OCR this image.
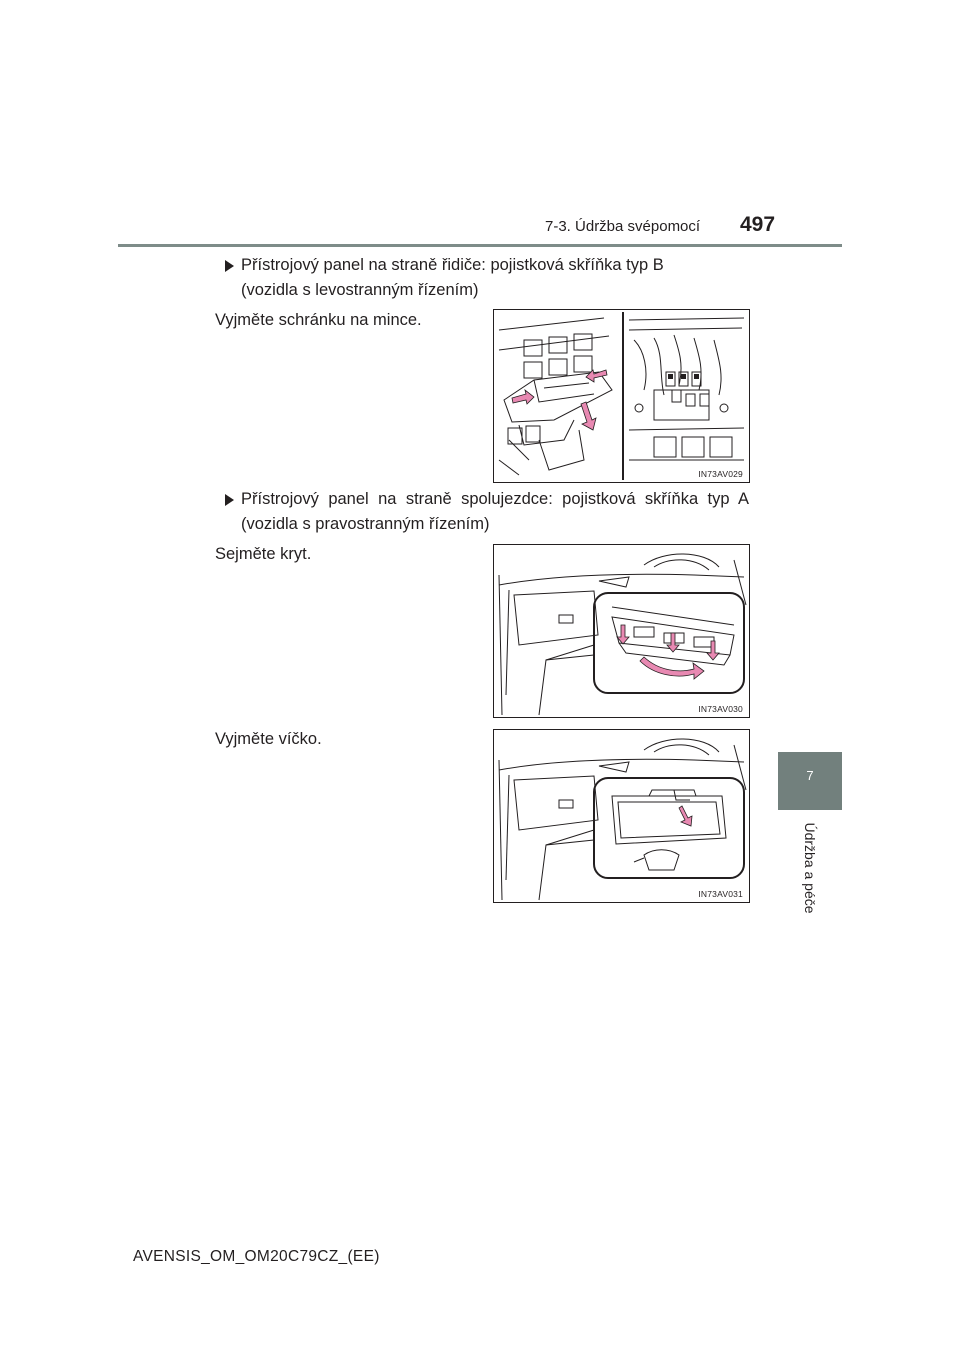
7-3. Údržba svépomocí 497
7
Údržba a péče
Přístrojový panel na straně řidiče: pojistková skříňka typ B
(vozidla s levostranným řízením)
Vyjměte schránku na mince.
IN73AV029
Přístrojový panel na straně spolujezdce: pojistková skříňka typ A
(vozidla s pravostranným řízením)
Sejměte kryt.
IN73AV030
Vyjměte víčko.
IN73AV031
AVENSIS_OM_OM20C79CZ_(EE)
